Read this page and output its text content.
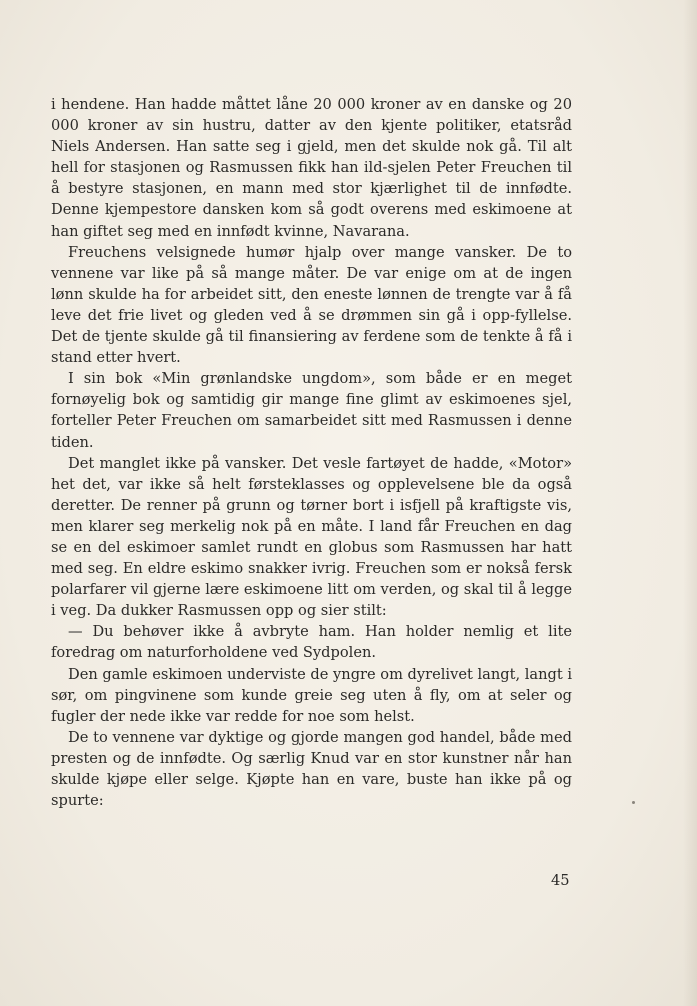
i hendene. Han hadde måttet låne 20 000 kroner av en danske og 20 000 kroner av sin hustru, datter av den kjente politiker, etatsråd Niels Andersen. Han satte seg i gjeld, men det skulde nok gå. Til alt hell for stasjonen og Rasmussen fikk han ild-sjelen Peter Freuchen til å bestyre stasjonen, en mann med stor kjærlighet til de innfødte. Denne kjempestore dansken kom så godt overens med eskimoene at han giftet seg med en innfødt kvinne, Navarana.

Freuchens velsignede humør hjalp over mange vansker. De to vennene var like på så mange måter. De var enige om at de ingen lønn skulde ha for arbeidet sitt, den eneste lønnen de trengte var å få leve det frie livet og gleden ved å se drømmen sin gå i opp-fyllelse. Det de tjente skulde gå til finansiering av ferdene som de tenkte å få i stand etter hvert.

I sin bok «Min grønlandske ungdom», som både er en meget fornøyelig bok og samtidig gir mange fine glimt av eskimoenes sjel, forteller Peter Freuchen om samarbeidet sitt med Rasmussen i denne tiden.

Det manglet ikke på vansker. Det vesle fartøyet de hadde, «Motor» het det, var ikke så helt førsteklasses og opplevelsene ble da også deretter. De renner på grunn og tørner bort i isfjell på kraftigste vis, men klarer seg merkelig nok på en måte. I land får Freuchen en dag se en del eskimoer samlet rundt en globus som Rasmussen har hatt med seg. En eldre eskimo snakker ivrig. Freuchen som er nokså fersk polarfarer vil gjerne lære eskimoene litt om verden, og skal til å legge i veg. Da dukker Rasmussen opp og sier stilt:

— Du behøver ikke å avbryte ham. Han holder nemlig et lite foredrag om naturforholdene ved Sydpolen.

Den gamle eskimoen underviste de yngre om dyrelivet langt, langt i sør, om pingvinene som kunde greie seg uten å fly, om at seler og fugler der nede ikke var redde for noe som helst.

De to vennene var dyktige og gjorde mangen god handel, både med presten og de innfødte. Og særlig Knud var en stor kunstner når han skulde kjøpe eller selge. Kjøpte han en vare, buste han ikke på og spurte:

45
